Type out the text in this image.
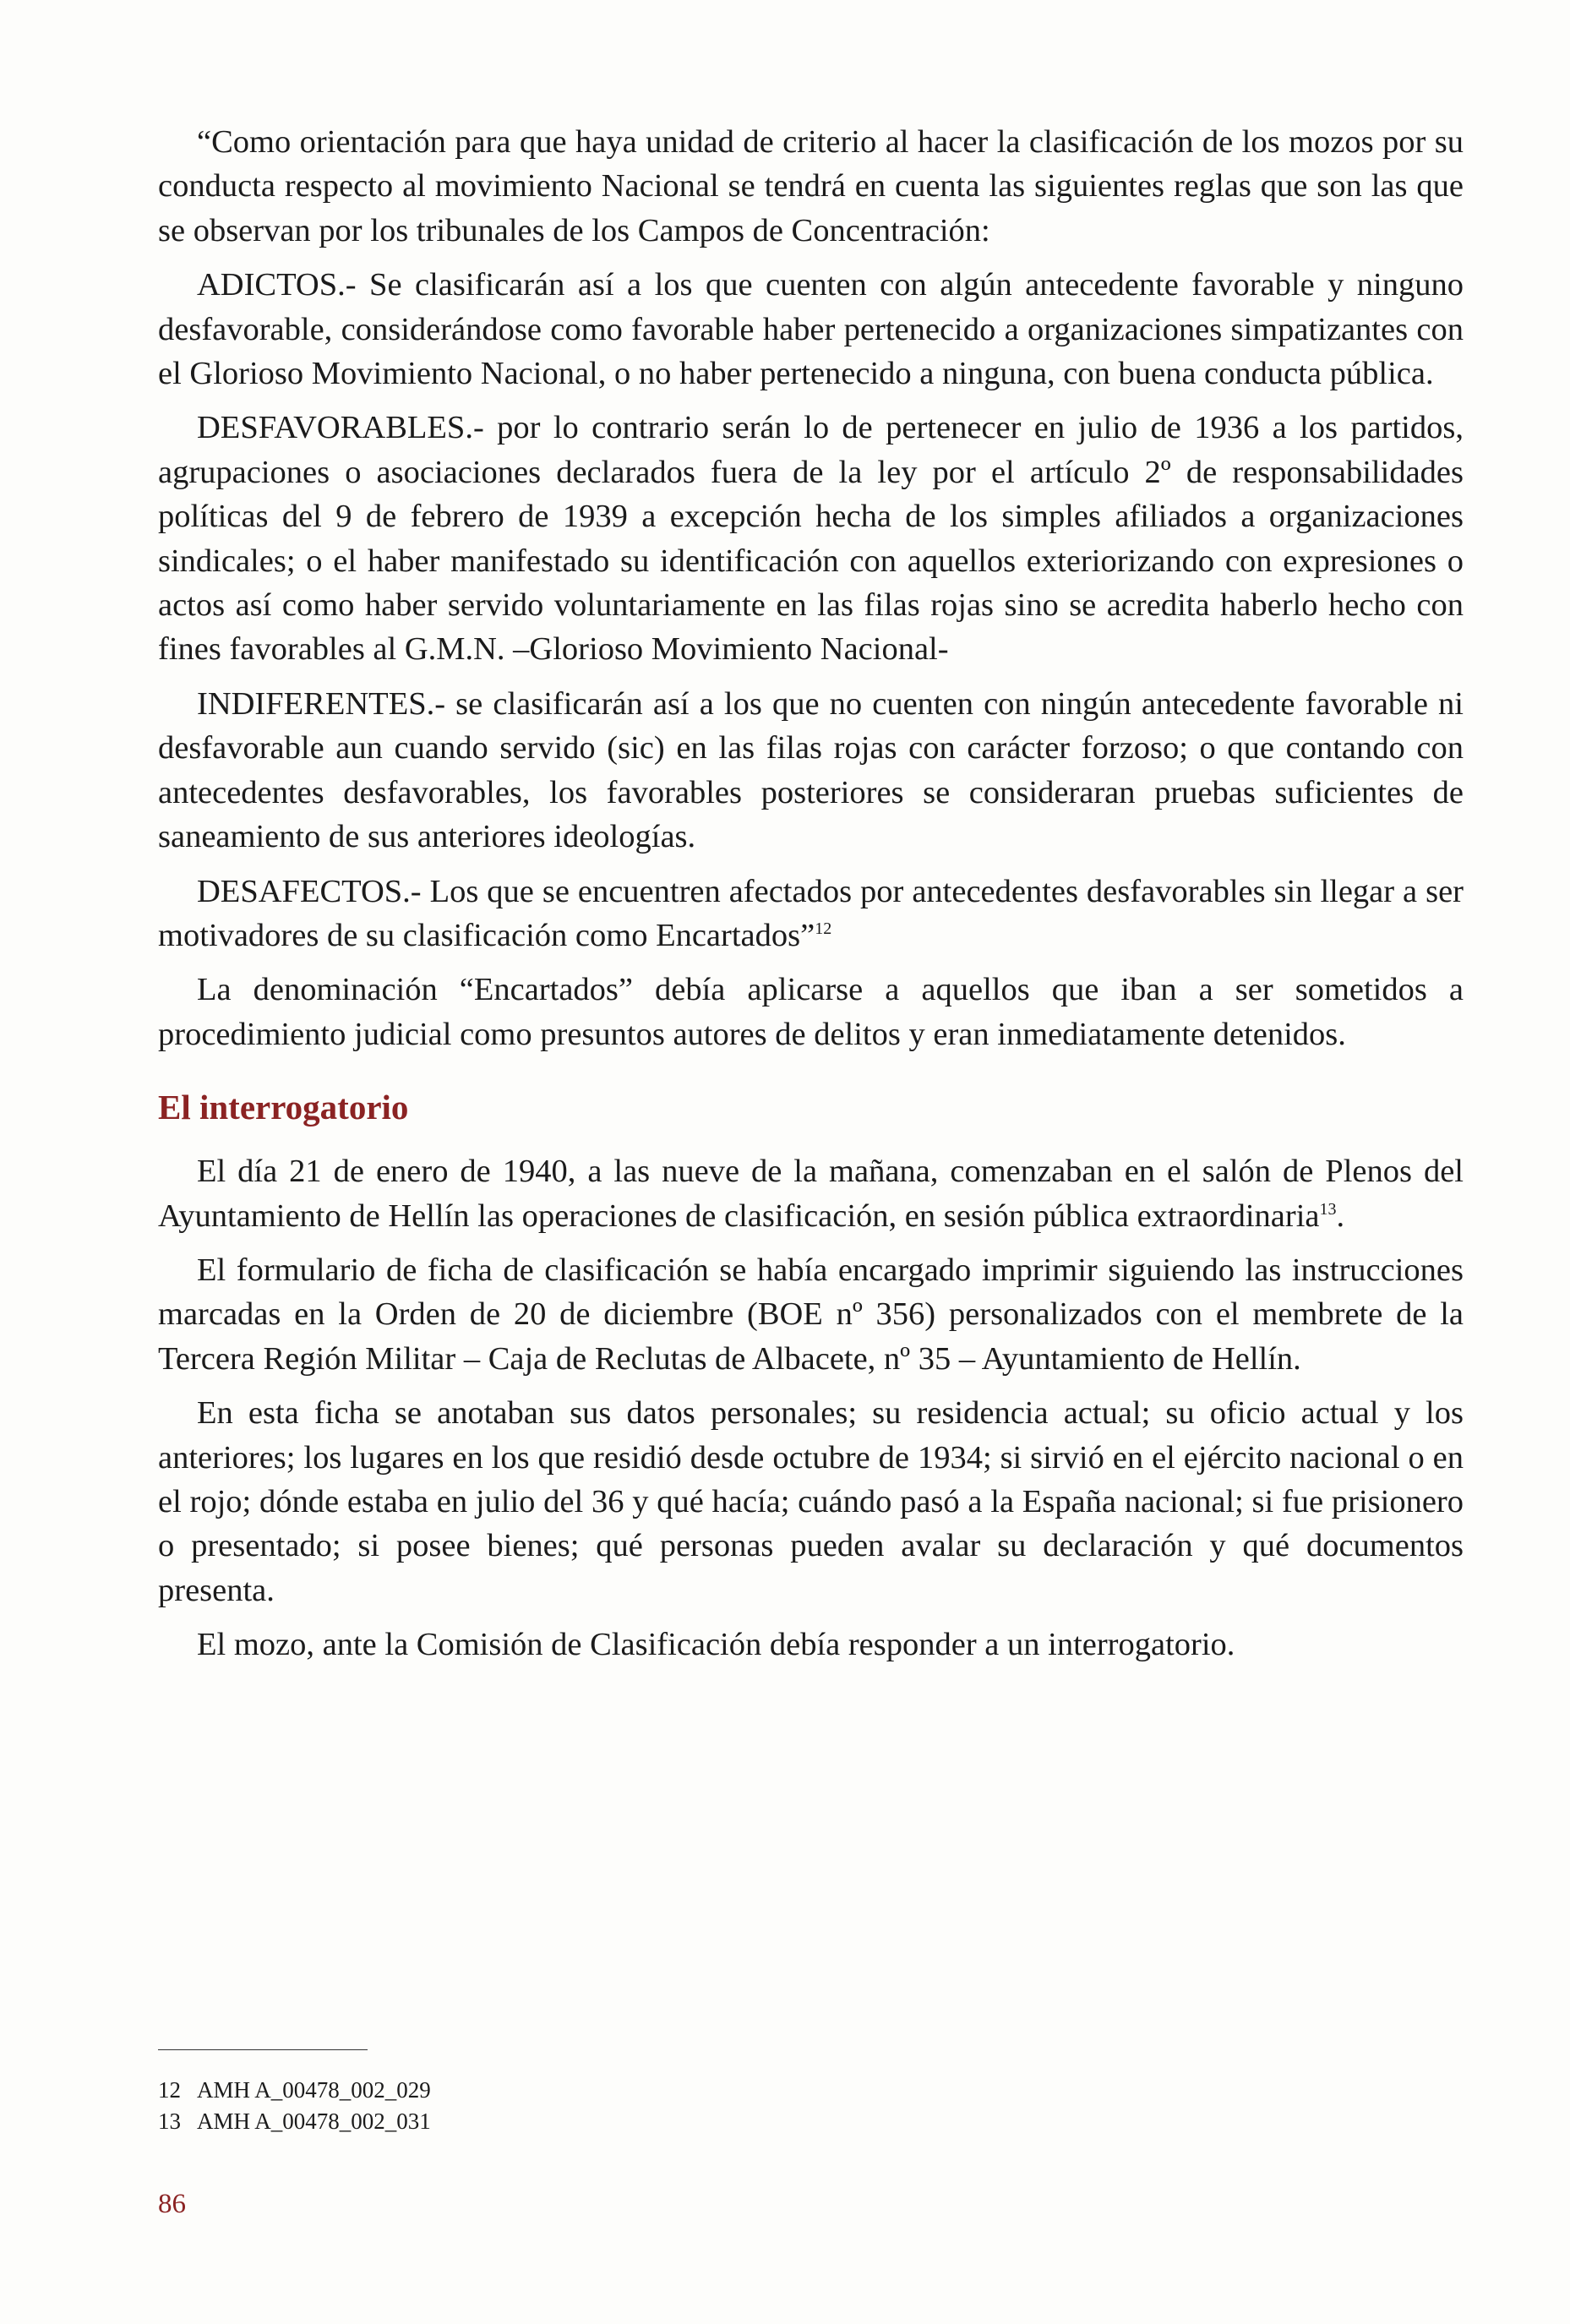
“Como orientación para que haya unidad de criterio al hacer la clasificación de los mozos por su conducta respecto al movimiento Nacional se tendrá en cuenta las siguientes reglas que son las que se observan por los tribunales de los Campos de Concentración:

ADICTOS.- Se clasificarán así a los que cuenten con algún antecedente favorable y ninguno desfavorable, considerándose como favorable haber pertenecido a organizaciones simpatizantes con el Glorioso Movimiento Nacional, o no haber pertenecido a ninguna, con buena conducta pública.

DESFAVORABLES.- por lo contrario serán lo de pertenecer en julio de 1936 a los partidos, agrupaciones o asociaciones declarados fuera de la ley por el artículo 2º de responsabilidades políticas del 9 de febrero de 1939 a excepción hecha de los simples afiliados a organizaciones sindicales; o el haber manifestado su identificación con aquellos exteriorizando con expresiones o actos así como haber servido voluntariamente en las filas rojas sino se acredita haberlo hecho con fines favorables al G.M.N. –Glorioso Movimiento Nacional-

INDIFERENTES.- se clasificarán así a los que no cuenten con ningún antecedente favorable ni desfavorable aun cuando servido (sic) en las filas rojas con carácter forzoso; o que contando con antecedentes desfavorables, los favorables posteriores se consideraran pruebas suficientes de saneamiento de sus anteriores ideologías.

DESAFECTOS.- Los que se encuentren afectados por antecedentes desfavorables sin llegar a ser motivadores de su clasificación como Encartados”$^{12}$

La denominación “Encartados” debía aplicarse a aquellos que iban a ser sometidos a procedimiento judicial como presuntos autores de delitos y eran inmediatamente detenidos.

El interrogatorio

El día 21 de enero de 1940, a las nueve de la mañana, comenzaban en el salón de Plenos del Ayuntamiento de Hellín las operaciones de clasificación, en sesión pública extraordinaria$^{13}$.

El formulario de ficha de clasificación se había encargado imprimir siguiendo las instrucciones marcadas en la Orden de 20 de diciembre (BOE nº 356) personalizados con el membrete de la Tercera Región Militar – Caja de Reclutas de Albacete, nº 35 – Ayuntamiento de Hellín.

En esta ficha se anotaban sus datos personales; su residencia actual; su oficio actual y los anteriores; los lugares en los que residió desde octubre de 1934; si sirvió en el ejército nacional o en el rojo; dónde estaba en julio del 36 y qué hacía; cuándo pasó a la España nacional; si fue prisionero o presentado; si posee bienes; qué personas pueden avalar su declaración y qué documentos presenta.

El mozo, ante la Comisión de Clasificación debía responder a un interrogatorio.

12 AMH A_00478_002_029
13 AMH A_00478_002_031
86
